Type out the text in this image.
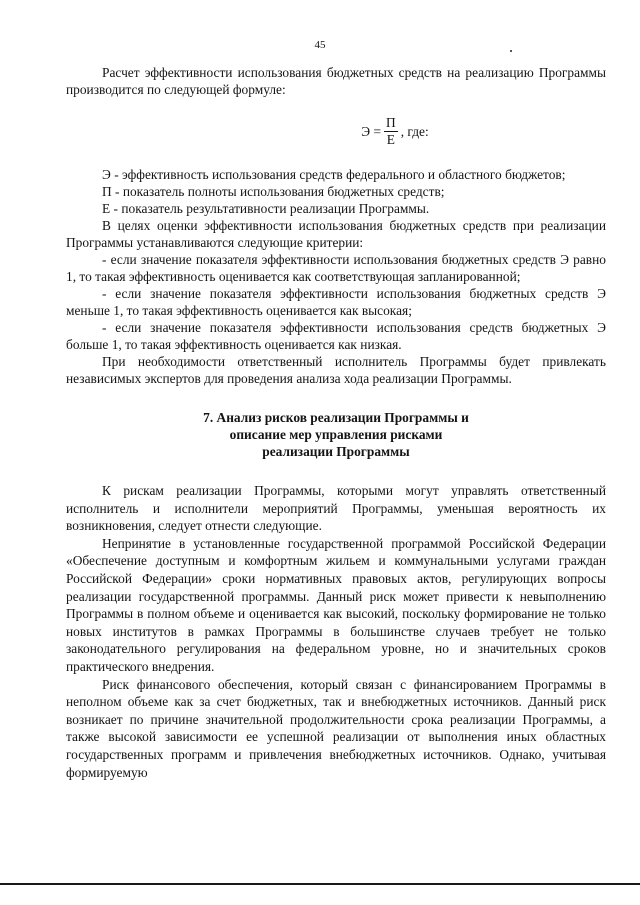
45

Расчет эффективности использования бюджетных средств на реализацию Программы производится по следующей формуле:

$Э = \frac{П}{Е}$ , где:

Э - эффективность использования средств федерального и областного бюджетов;

П - показатель полноты использования бюджетных средств;

Е - показатель результативности реализации Программы.

В целях оценки эффективности использования бюджетных средств при реализации Программы устанавливаются следующие критерии:

- если значение показателя эффективности использования бюджетных средств Э равно 1, то такая эффективность оценивается как соответствующая запланированной;

- если значение показателя эффективности использования бюджетных средств Э меньше 1, то такая эффективность оценивается как высокая;

- если значение показателя эффективности использования средств бюджетных Э больше 1, то такая эффективность оценивается как низкая.

При необходимости ответственный исполнитель Программы будет привлекать независимых экспертов для проведения анализа хода реализации Программы.

7. Анализ рисков реализации Программы и
описание мер управления рисками
реализации Программы

К рискам реализации Программы, которыми могут управлять ответственный исполнитель и исполнители мероприятий Программы, уменьшая вероятность их возникновения, следует отнести следующие.

Непринятие в установленные государственной программой Российской Федерации «Обеспечение доступным и комфортным жильем и коммунальными услугами граждан Российской Федерации» сроки нормативных правовых актов, регулирующих вопросы реализации государственной программы. Данный риск может привести к невыполнению Программы в полном объеме и оценивается как высокий, поскольку формирование не только новых институтов в рамках Программы в большинстве случаев требует не только законодательного регулирования на федеральном уровне, но и значительных сроков практического внедрения.

Риск финансового обеспечения, который связан с финансированием Программы в неполном объеме как за счет бюджетных, так и внебюджетных источников. Данный риск возникает по причине значительной продолжительности срока реализации Программы, а также высокой зависимости ее успешной реализации от выполнения иных областных государственных программ и привлечения внебюджетных источников. Однако, учитывая формируемую
